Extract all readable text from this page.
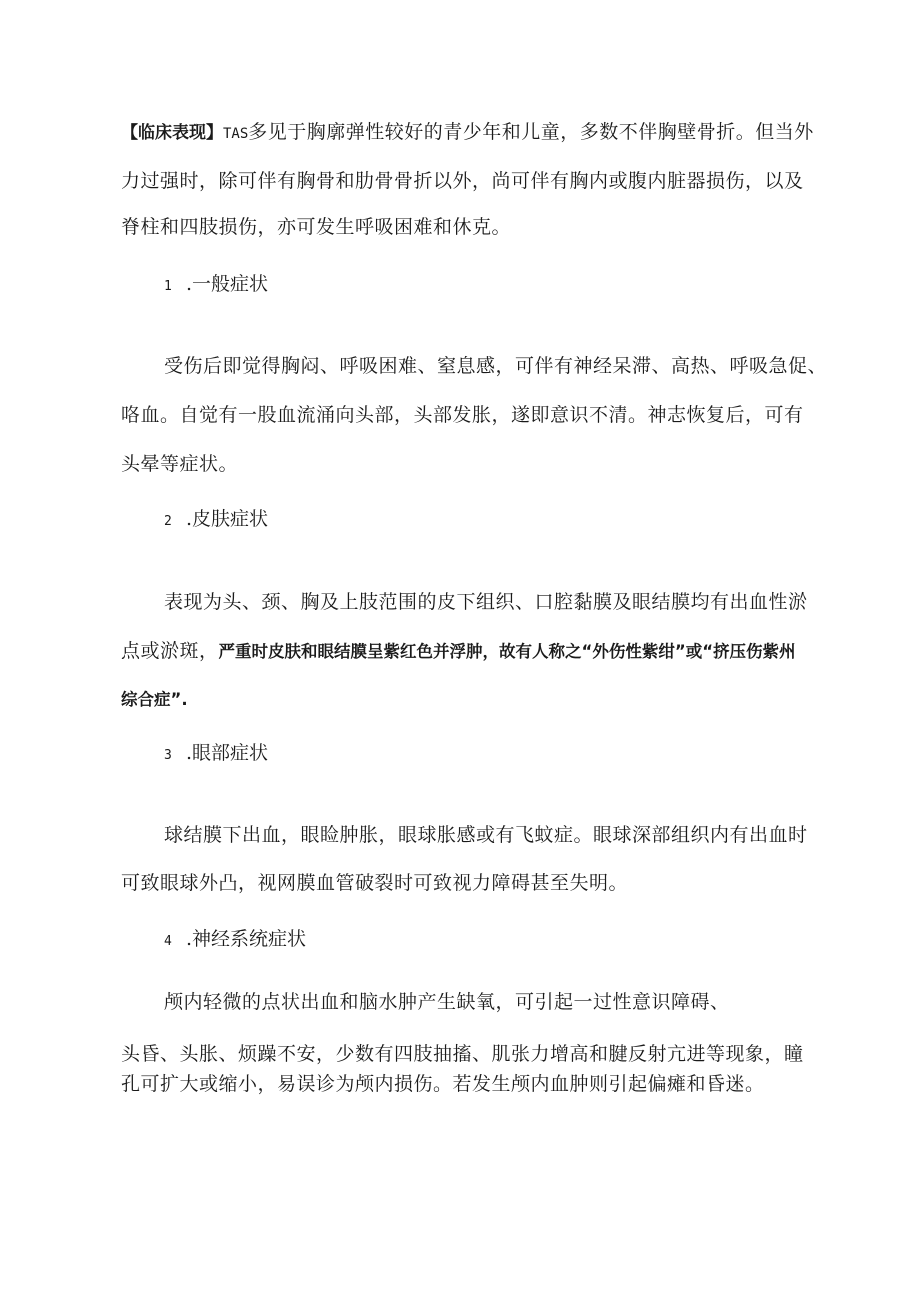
【临床表现】TAS多见于胸廓弹性较好的青少年和儿童，多数不伴胸壁骨折。但当外
力过强时，除可伴有胸骨和肋骨骨折以外，尚可伴有胸内或腹内脏器损伤，以及
脊柱和四肢损伤，亦可发生呼吸困难和休克。
1 .一般症状
受伤后即觉得胸闷、呼吸困难、窒息感，可伴有神经呆滞、高热、呼吸急促、
咯血。自觉有一股血流涌向头部，头部发胀，遂即意识不清。神志恢复后，可有
头晕等症状。
2 .皮肤症状
表现为头、颈、胸及上肢范围的皮下组织、口腔黏膜及眼结膜均有出血性淤
点或淤斑，严重时皮肤和眼结膜呈紫红色并浮肿，故有人称之“外伤性紫绀”或“挤压伤紫州
综合症”.
3 .眼部症状
球结膜下出血，眼睑肿胀，眼球胀感或有飞蚊症。眼球深部组织内有出血时
可致眼球外凸，视网膜血管破裂时可致视力障碍甚至失明。
4 .神经系统症状
颅内轻微的点状出血和脑水肿产生缺氧，可引起一过性意识障碍、
头昏、头胀、烦躁不安，少数有四肢抽搐、肌张力增高和腱反射亢进等现象，瞳
孔可扩大或缩小，易误诊为颅内损伤。若发生颅内血肿则引起偏瘫和昏迷。
